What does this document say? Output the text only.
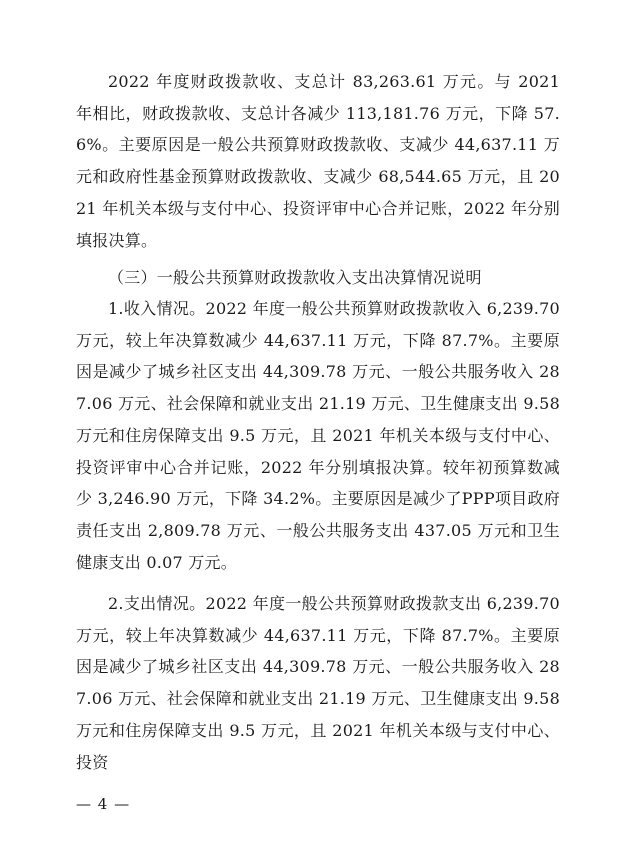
2022 年度财政拨款收、支总计 83,263.61 万元。与 2021 年相比，财政拨款收、支总计各减少 113,181.76 万元，下降 57.6%。主要原因是一般公共预算财政拨款收、支减少 44,637.11 万元和政府性基金预算财政拨款收、支减少 68,544.65 万元，且 2021 年机关本级与支付中心、投资评审中心合并记账，2022 年分别填报决算。

（三）一般公共预算财政拨款收入支出决算情况说明

1.收入情况。2022 年度一般公共预算财政拨款收入 6,239.70 万元，较上年决算数减少 44,637.11 万元，下降 87.7%。主要原因是减少了城乡社区支出 44,309.78 万元、一般公共服务收入 287.06 万元、社会保障和就业支出 21.19 万元、卫生健康支出 9.58 万元和住房保障支出 9.5 万元，且 2021 年机关本级与支付中心、投资评审中心合并记账，2022 年分别填报决算。较年初预算数减少 3,246.90 万元，下降 34.2%。主要原因是减少了PPP项目政府责任支出 2,809.78 万元、一般公共服务支出 437.05 万元和卫生健康支出 0.07 万元。

2.支出情况。2022 年度一般公共预算财政拨款支出 6,239.70 万元，较上年决算数减少 44,637.11 万元，下降 87.7%。主要原因是减少了城乡社区支出 44,309.78 万元、一般公共服务收入 287.06 万元、社会保障和就业支出 21.19 万元、卫生健康支出 9.58 万元和住房保障支出 9.5 万元，且 2021 年机关本级与支付中心、投资

— 4 —
